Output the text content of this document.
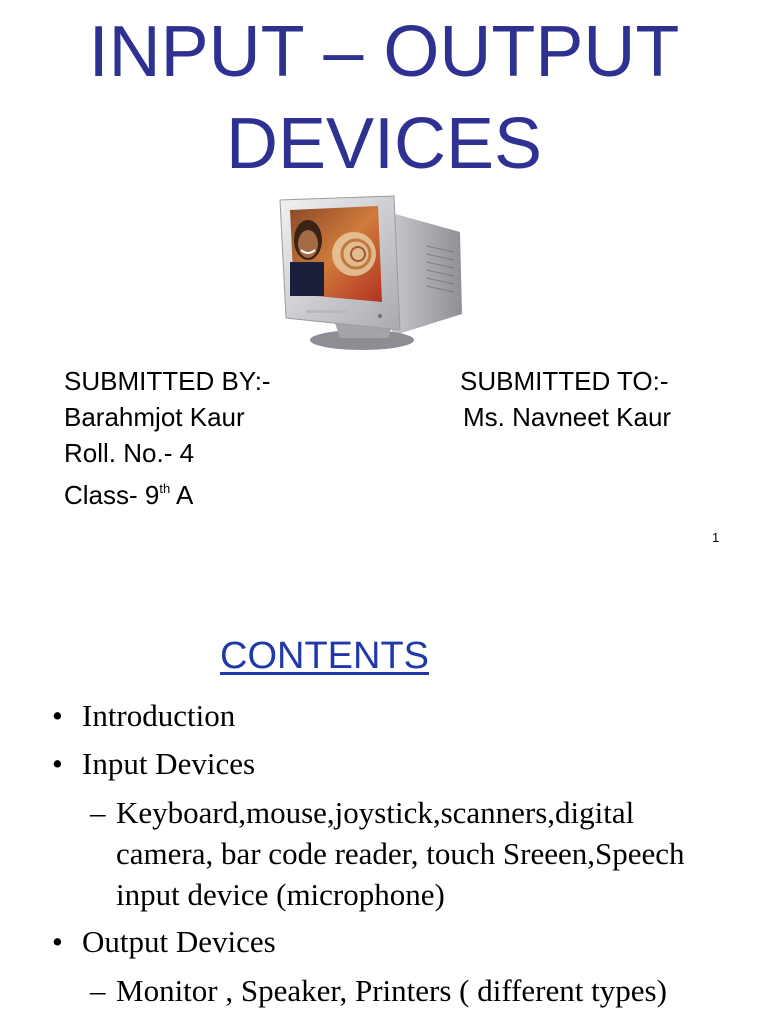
INPUT – OUTPUT
DEVICES
SUBMITTED BY:-
Barahmjot Kaur
Roll. No.- 4
Class- 9th A
SUBMITTED TO:-
Ms. Navneet Kaur
1
CONTENTS
• Introduction
• Input Devices
– Keyboard,mouse,joystick,scanners,digital camera, bar code reader, touch Sreeen,Speech input device (microphone)
• Output Devices
– Monitor , Speaker, Printers ( different types)
